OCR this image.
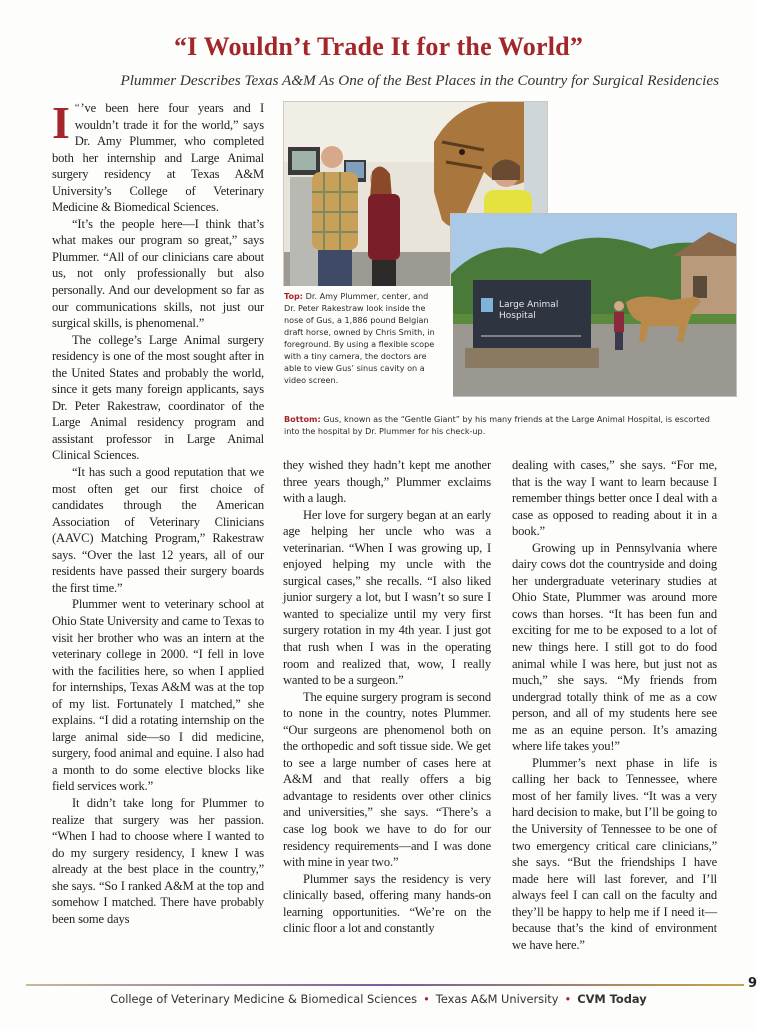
“I Wouldn’t Trade It for the World”
Plummer Describes Texas A&M As One of the Best Places in the Country for Surgical Residencies

“
I ’ve been here four years and I wouldn’t trade it for the world,” says Dr. Amy Plummer, who completed both her internship and Large Animal surgery residency at Texas A&M University’s College of Veterinary Medicine & Biomedical Sciences.

“It’s the people here—I think that’s what makes our program so great,” says Plummer. “All of our clinicians care about us, not only professionally but also personally. And our development so far as our communications skills, not just our surgical skills, is phenomenal.”

The college’s Large Animal surgery residency is one of the most sought after in the United States and probably the world, since it gets many foreign applicants, says Dr. Peter Rakestraw, coordinator of the Large Animal residency program and assistant professor in Large Animal Clinical Sciences.

“It has such a good reputation that we most often get our first choice of candidates through the American Association of Veterinary Clinicians (AAVC) Matching Program,” Rakestraw says. “Over the last 12 years, all of our residents have passed their surgery boards the first time.”

Plummer went to veterinary school at Ohio State University and came to Texas to visit her brother who was an intern at the veterinary college in 2000. “I fell in love with the facilities here, so when I applied for internships, Texas A&M was at the top of my list. Fortunately I matched,” she explains. “I did a rotating internship on the large animal side—so I did medicine, surgery, food animal and equine. I also had a month to do some elective blocks like field services work.”

It didn’t take long for Plummer to realize that surgery was her passion. “When I had to choose where I wanted to do my surgery residency, I knew I was already at the best place in the country,” she says. “So I ranked A&M at the top and somehow I matched. There have probably been some days

Large Animal
Hospital
Top: Dr. Amy Plummer, center, and Dr. Peter Rakestraw look inside the nose of Gus, a 1,886 pound Belgian draft horse, owned by Chris Smith, in foreground. By using a flexible scope with a tiny camera, the doctors are able to view Gus’ sinus cavity on a video screen.
Bottom: Gus, known as the “Gentle Giant” by his many friends at the Large Animal Hospital, is escorted into the hospital by Dr. Plummer for his check-up.

they wished they hadn’t kept me another three years though,” Plummer exclaims with a laugh.

Her love for surgery began at an early age helping her uncle who was a veterinarian. “When I was growing up, I enjoyed helping my uncle with the surgical cases,” she recalls. “I also liked junior surgery a lot, but I wasn’t so sure I wanted to specialize until my very first surgery rotation in my 4th year. I just got that rush when I was in the operating room and realized that, wow, I really wanted to be a surgeon.”

The equine surgery program is second to none in the country, notes Plummer. “Our surgeons are phenomenol both on the orthopedic and soft tissue side. We get to see a large number of cases here at A&M and that really offers a big advantage to residents over other clinics and universities,” she says. “There’s a case log book we have to do for our residency requirements—and I was done with mine in year two.”

Plummer says the residency is very clinically based, offering many hands-on learning opportunities. “We’re on the clinic floor a lot and constantly

dealing with cases,” she says. “For me, that is the way I want to learn because I remember things better once I deal with a case as opposed to reading about it in a book.”

Growing up in Pennsylvania where dairy cows dot the countryside and doing her undergraduate veterinary studies at Ohio State, Plummer was around more cows than horses. “It has been fun and exciting for me to be exposed to a lot of new things here. I still got to do food animal while I was here, but just not as much,” she says. “My friends from undergrad totally think of me as a cow person, and all of my students here see me as an equine person. It’s amazing where life takes you!”

Plummer’s next phase in life is calling her back to Tennessee, where most of her family lives. “It was a very hard decision to make, but I’ll be going to the University of Tennessee to be one of two emergency critical care clinicians,” she says. “But the friendships I have made here will last forever, and I’ll always feel I can call on the faculty and they’ll be happy to help me if I need it—because that’s the kind of environment we have here.”

College of Veterinary Medicine & Biomedical Sciences • Texas A&M University • CVM Today
9
